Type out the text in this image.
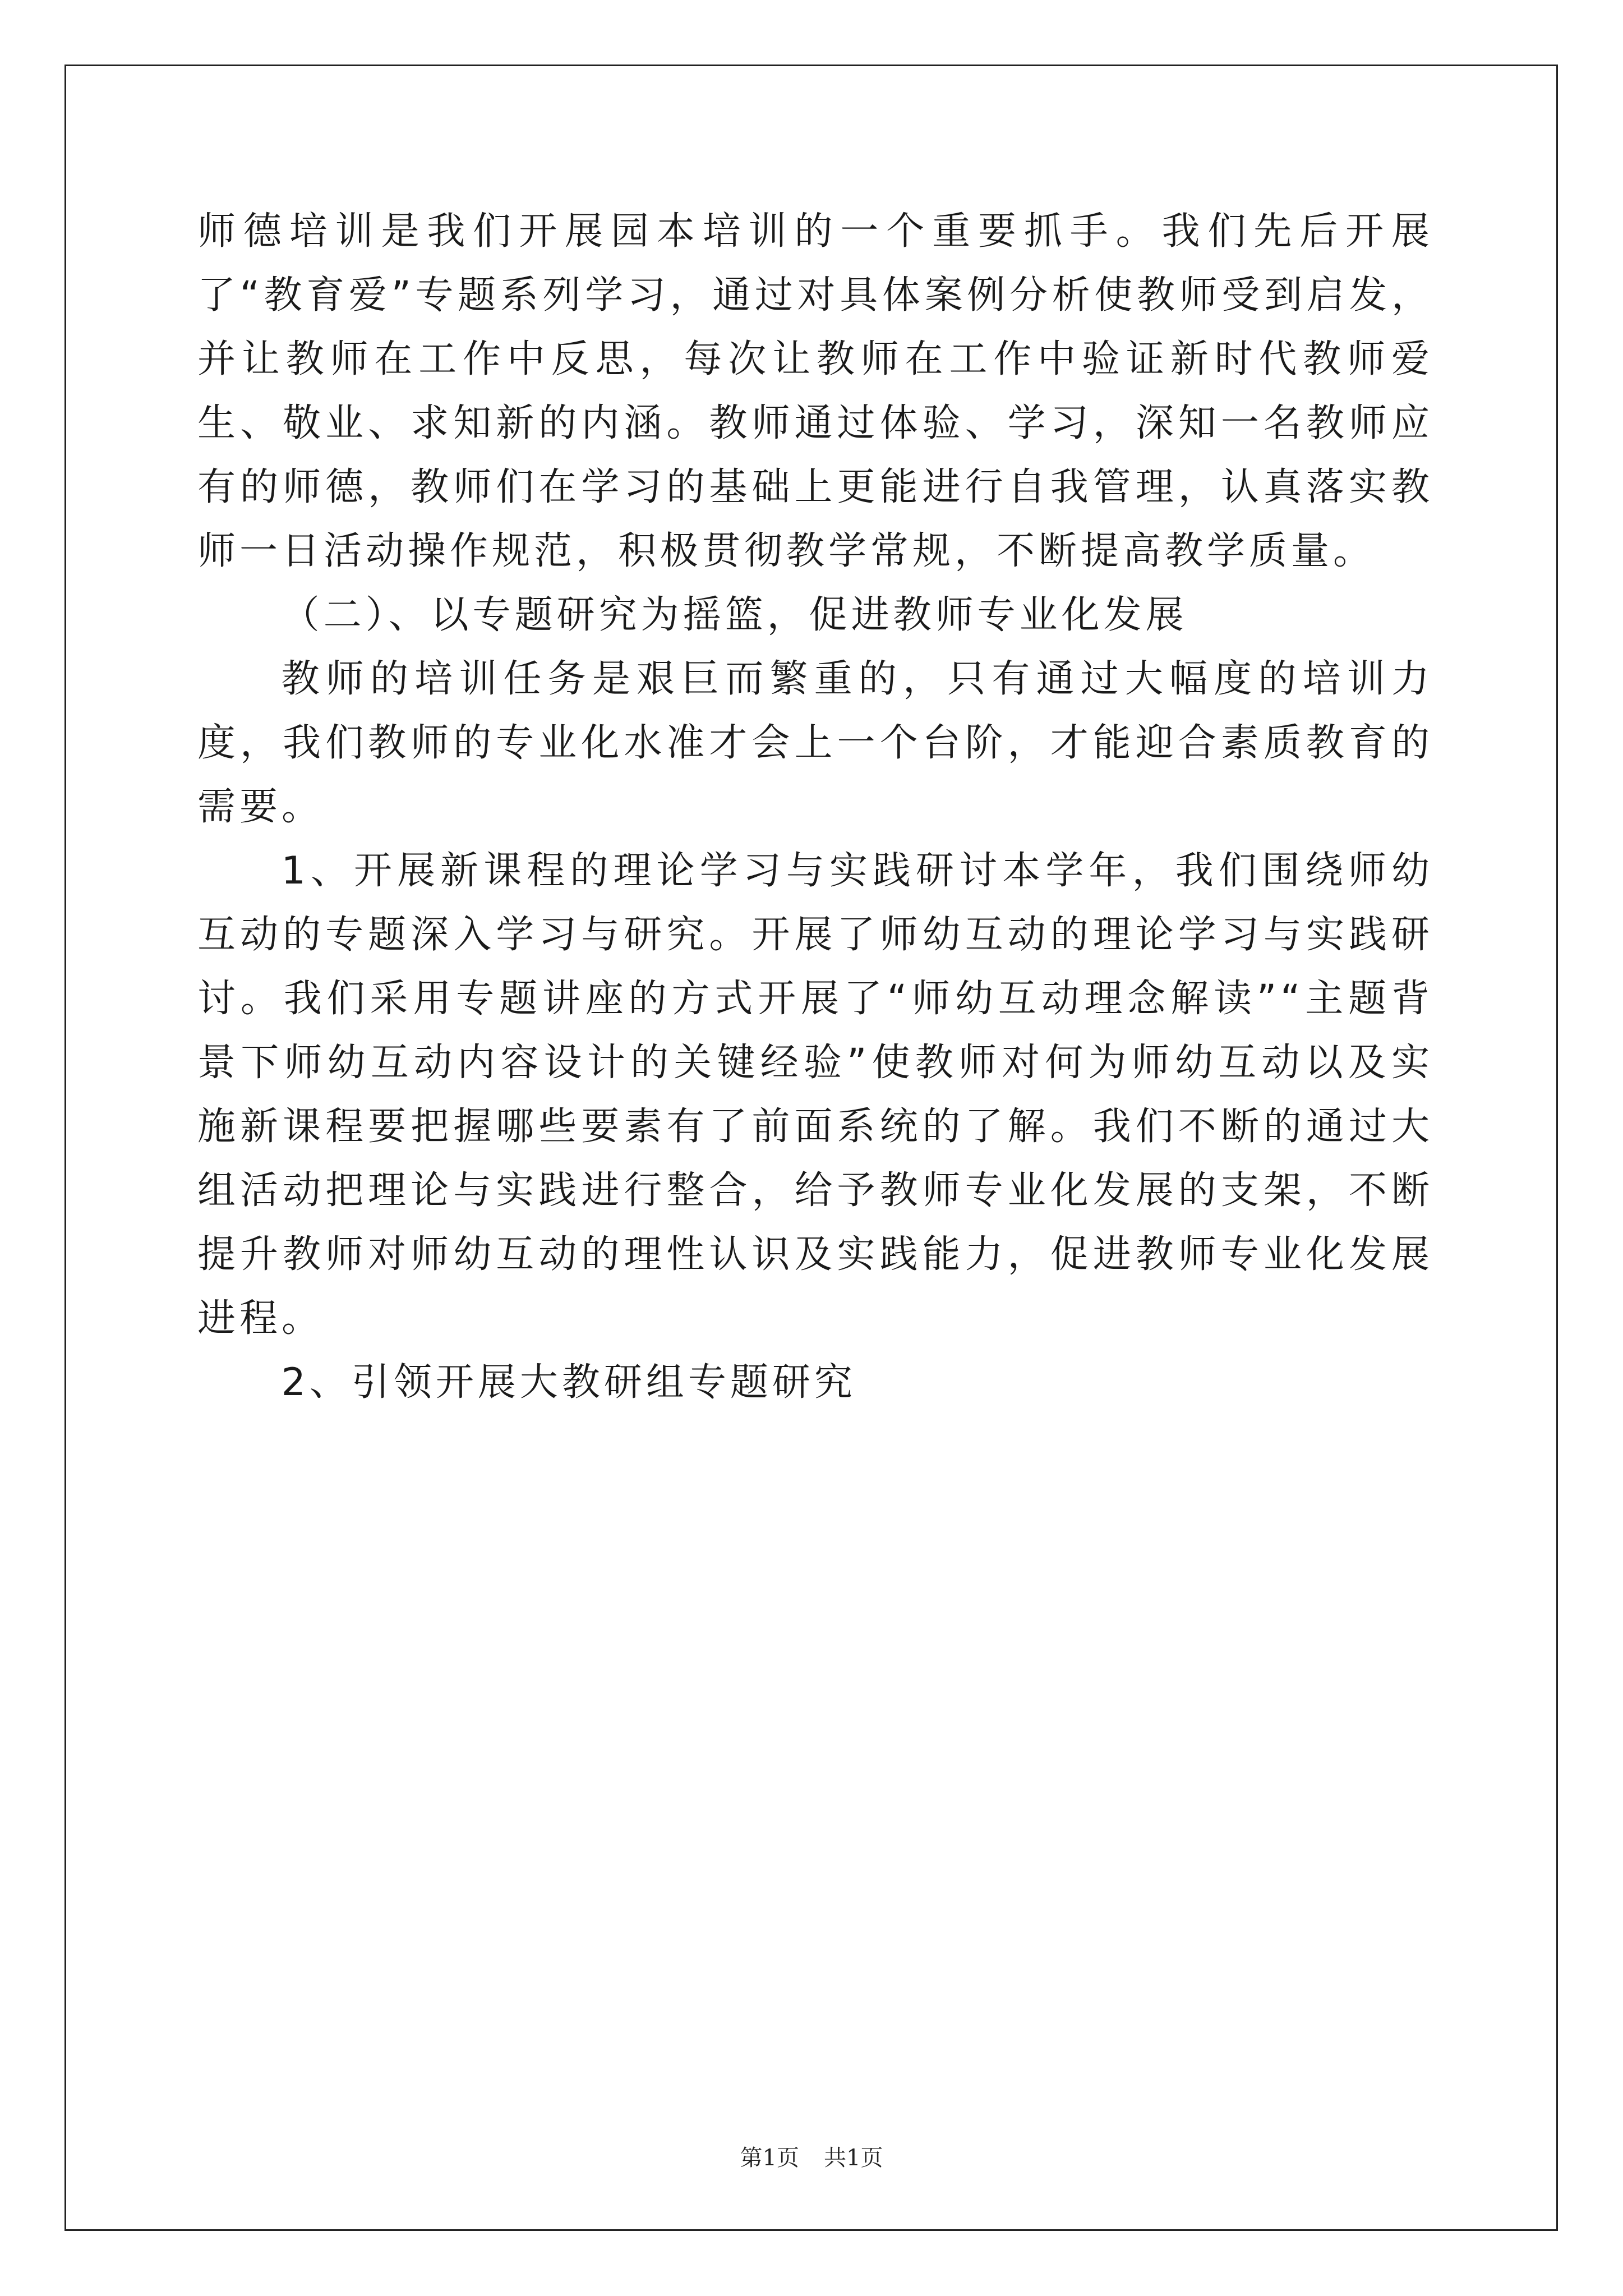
师德培训是我们开展园本培训的一个重要抓手。我们先后开展了“教育爱”专题系列学习，通过对具体案例分析使教师受到启发，并让教师在工作中反思，每次让教师在工作中验证新时代教师爱生、敬业、求知新的内涵。教师通过体验、学习，深知一名教师应有的师德，教师们在学习的基础上更能进行自我管理，认真落实教师一日活动操作规范，积极贯彻教学常规，不断提高教学质量。

（二）、以专题研究为摇篮，促进教师专业化发展

教师的培训任务是艰巨而繁重的，只有通过大幅度的培训力度，我们教师的专业化水准才会上一个台阶，才能迎合素质教育的需要。

1、开展新课程的理论学习与实践研讨本学年，我们围绕师幼互动的专题深入学习与研究。开展了师幼互动的理论学习与实践研讨。我们采用专题讲座的方式开展了“师幼互动理念解读”“主题背景下师幼互动内容设计的关键经验”使教师对何为师幼互动以及实施新课程要把握哪些要素有了前面系统的了解。我们不断的通过大组活动把理论与实践进行整合，给予教师专业化发展的支架，不断提升教师对师幼互动的理性认识及实践能力，促进教师专业化发展进程。

2、引领开展大教研组专题研究

第1页 共1页
